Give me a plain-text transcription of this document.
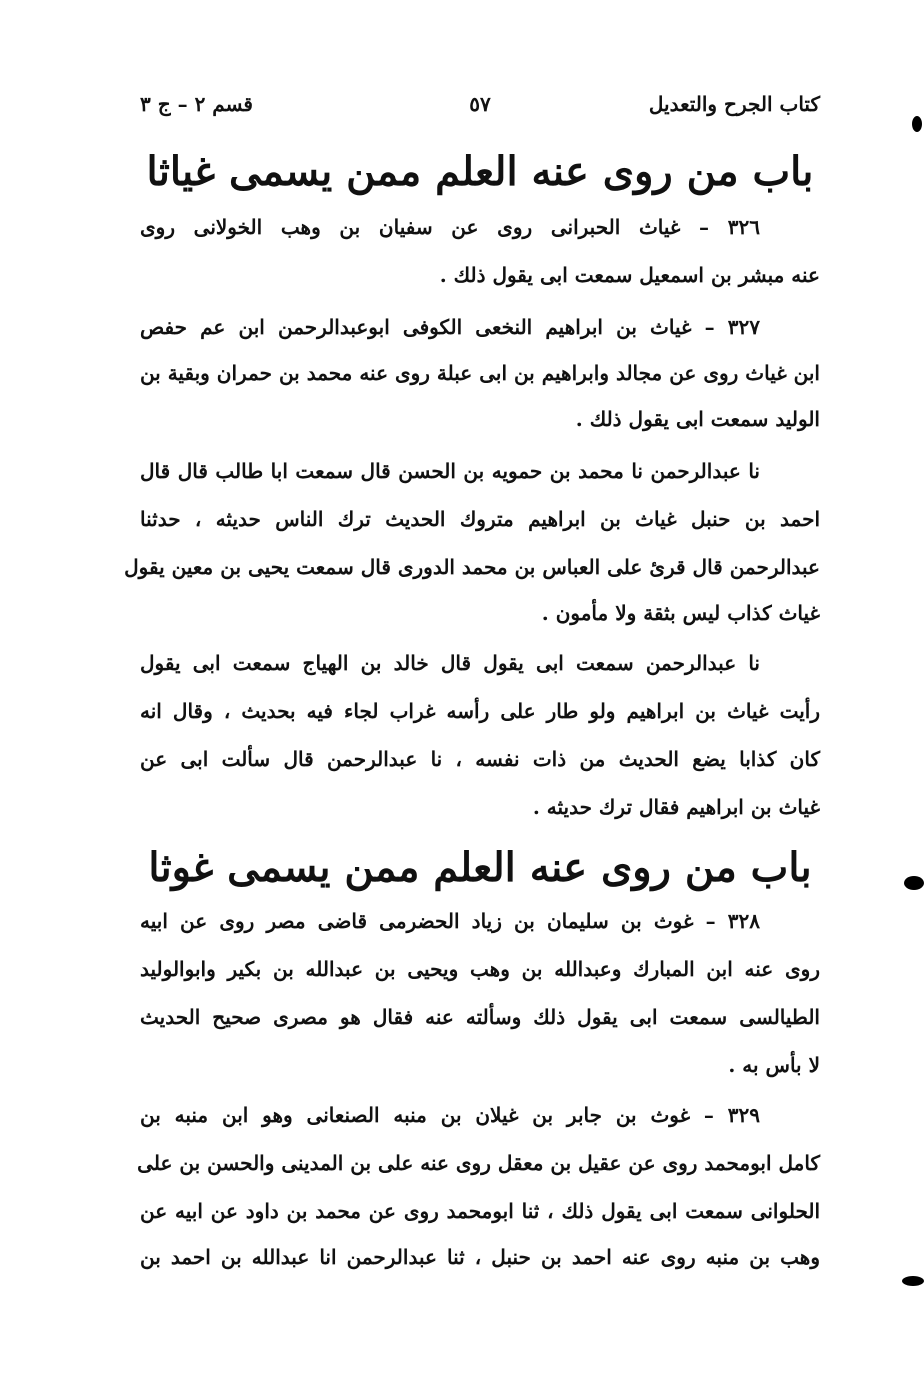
كتاب الجرح والتعديل
٥٧
قسم ٢ – ج ٣
باب من روى عنه العلم ممن يسمى غياثا
٣٢٦ – غياث الحبرانى روى عن سفيان بن وهب الخولانى روى
عنه مبشر بن اسمعيل سمعت ابى يقول ذلك .
٣٢٧ – غياث بن ابراهيم النخعى الكوفى ابوعبدالرحمن ابن عم حفص
ابن غياث روى عن مجالد وابراهيم بن ابى عبلة روى عنه محمد بن حمران وبقية بن
الوليد سمعت ابى يقول ذلك .
نا عبدالرحمن نا محمد بن حمويه بن الحسن قال سمعت ابا طالب قال قال
احمد بن حنبل غياث بن ابراهيم متروك الحديث ترك الناس حديثه ، حدثنا
عبدالرحمن قال قرئ على العباس بن محمد الدورى قال سمعت يحيى بن معين يقول
غياث كذاب ليس بثقة ولا مأمون .
نا عبدالرحمن سمعت ابى يقول قال خالد بن الهياج سمعت ابى يقول
رأيت غياث بن ابراهيم ولو طار على رأسه غراب لجاء فيه بحديث ، وقال انه
كان كذابا يضع الحديث من ذات نفسه ، نا عبدالرحمن قال سألت ابى عن
غياث بن ابراهيم فقال ترك حديثه .
باب من روى عنه العلم ممن يسمى غوثا
٣٢٨ – غوث بن سليمان بن زياد الحضرمى قاضى مصر روى عن ابيه
روى عنه ابن المبارك وعبدالله بن وهب ويحيى بن عبدالله بن بكير وابوالوليد
الطيالسى سمعت ابى يقول ذلك وسألته عنه فقال هو مصرى صحيح الحديث
لا بأس به .
٣٢٩ – غوث بن جابر بن غيلان بن منبه الصنعانى وهو ابن منبه بن
كامل ابومحمد روى عن عقيل بن معقل روى عنه على بن المدينى والحسن بن على
الحلوانى سمعت ابى يقول ذلك ، ثنا ابومحمد روى عن محمد بن داود عن ابيه عن
وهب بن منبه روى عنه احمد بن حنبل ، ثنا عبدالرحمن انا عبدالله بن احمد بن
